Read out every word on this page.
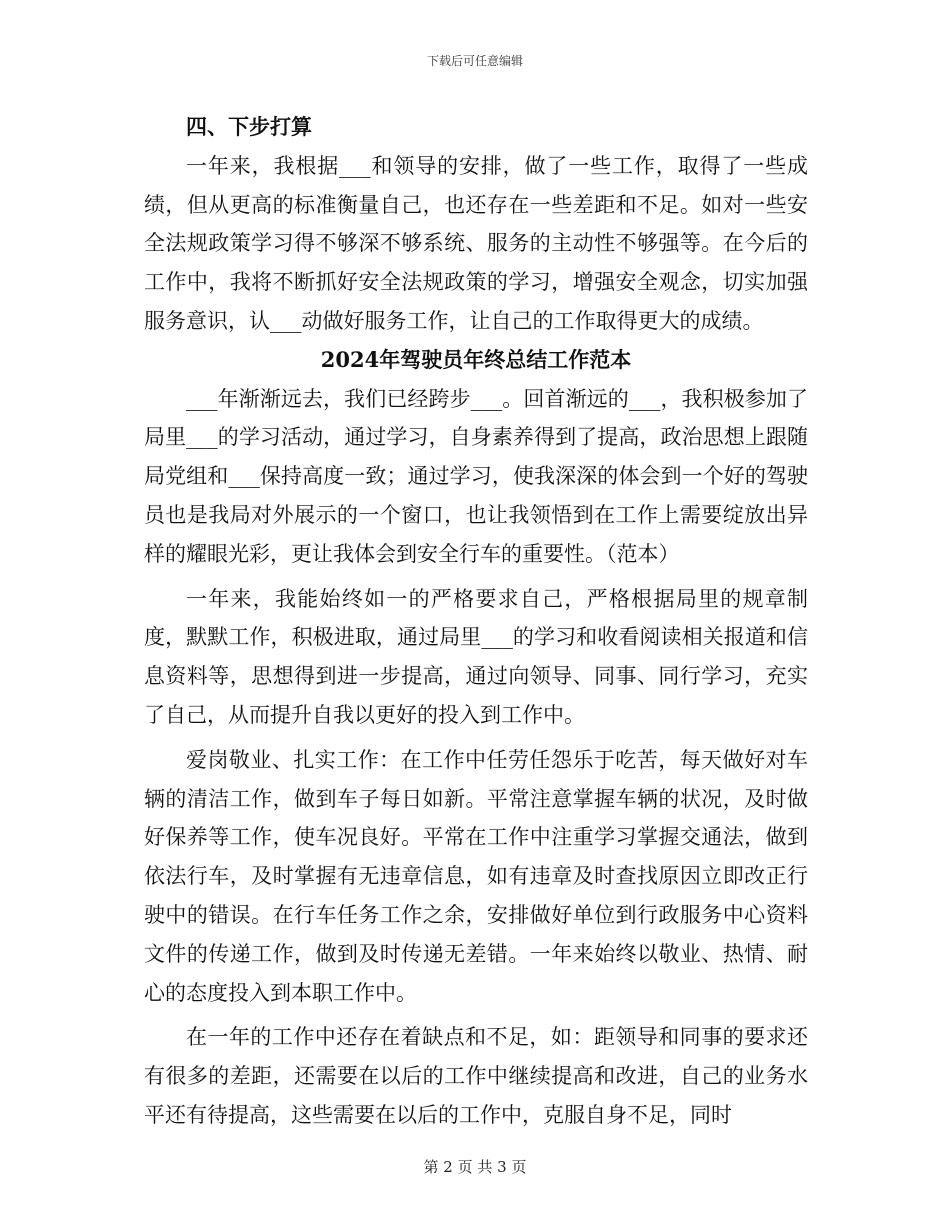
下载后可任意编辑
四、下步打算

一年来，我根据___和领导的安排，做了一些工作，取得了一些成绩，但从更高的标准衡量自己，也还存在一些差距和不足。如对一些安全法规政策学习得不够深不够系统、服务的主动性不够强等。在今后的工作中，我将不断抓好安全法规政策的学习，增强安全观念，切实加强服务意识，认___动做好服务工作，让自己的工作取得更大的成绩。

2024年驾驶员年终总结工作范本

___年渐渐远去，我们已经跨步___。回首渐远的___，我积极参加了局里___的学习活动，通过学习，自身素养得到了提高，政治思想上跟随局党组和___保持高度一致；通过学习，使我深深的体会到一个好的驾驶员也是我局对外展示的一个窗口，也让我领悟到在工作上需要绽放出异样的耀眼光彩，更让我体会到安全行车的重要性。（范本）

一年来，我能始终如一的严格要求自己，严格根据局里的规章制度，默默工作，积极进取，通过局里___的学习和收看阅读相关报道和信息资料等，思想得到进一步提高，通过向领导、同事、同行学习，充实了自己，从而提升自我以更好的投入到工作中。

爱岗敬业、扎实工作：在工作中任劳任怨乐于吃苦，每天做好对车辆的清洁工作，做到车子每日如新。平常注意掌握车辆的状况，及时做好保养等工作，使车况良好。平常在工作中注重学习掌握交通法，做到依法行车，及时掌握有无违章信息，如有违章及时查找原因立即改正行驶中的错误。在行车任务工作之余，安排做好单位到行政服务中心资料文件的传递工作，做到及时传递无差错。一年来始终以敬业、热情、耐心的态度投入到本职工作中。

在一年的工作中还存在着缺点和不足，如：距领导和同事的要求还有很多的差距，还需要在以后的工作中继续提高和改进，自己的业务水平还有待提高，这些需要在以后的工作中，克服自身不足，同时

第 2 页 共 3 页
